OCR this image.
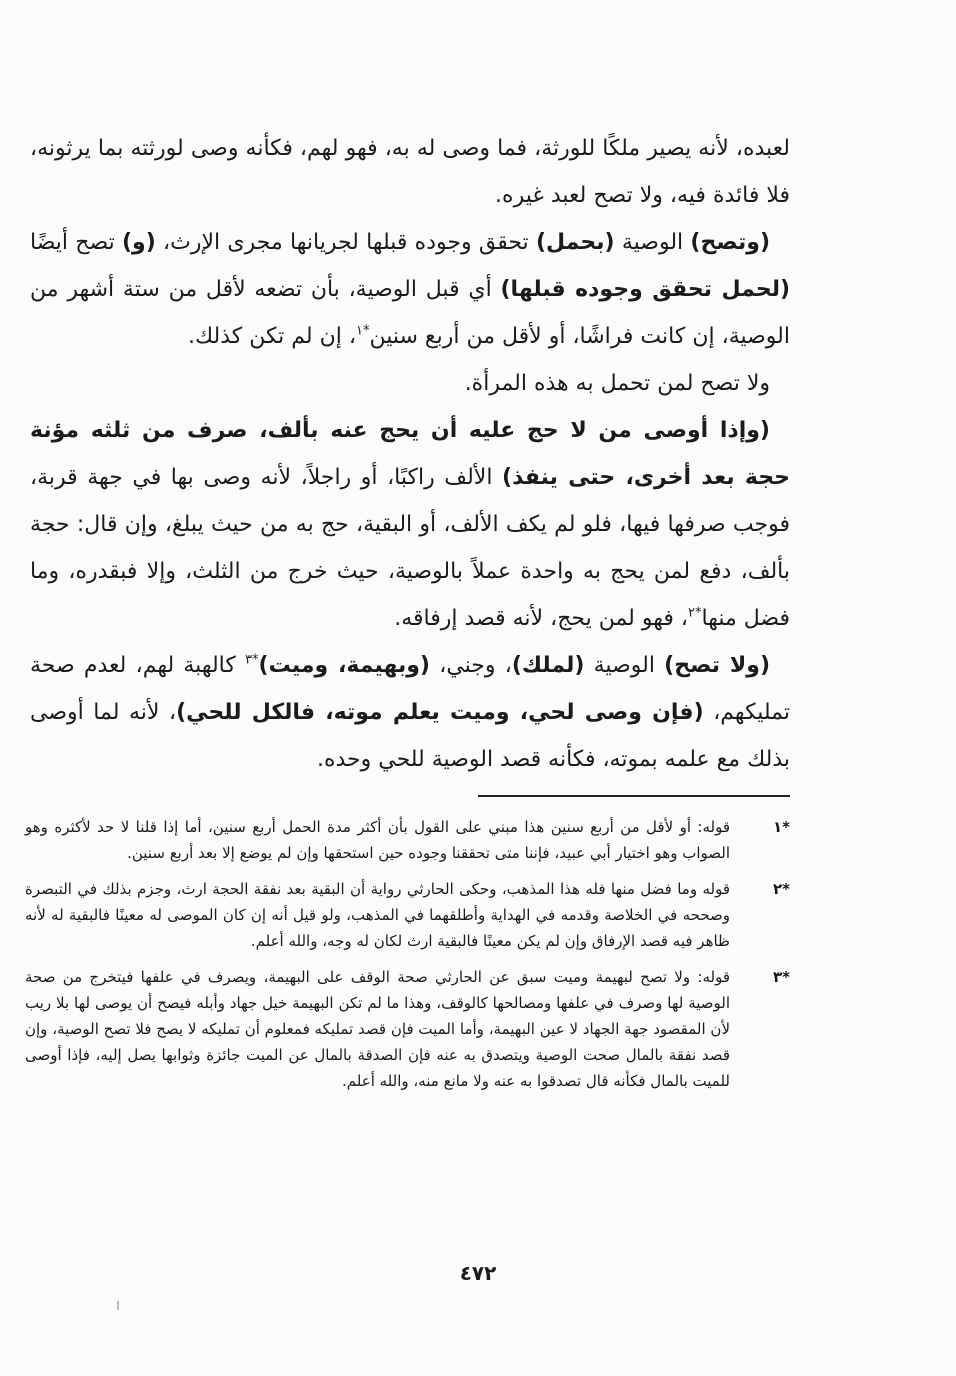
لعبده، لأنه يصير ملكًا للورثة، فما وصى له به، فهو لهم، فكأنه وصى لورثته بما يرثونه، فلا فائدة فيه، ولا تصح لعبد غيره.

(وتصح) الوصية (بحمل) تحقق وجوده قبلها لجريانها مجرى الإرث، (و) تصح أيضًا (لحمل تحقق وجوده قبلها) أي قبل الوصية، بأن تضعه لأقل من ستة أشهر من الوصية، إن كانت فراشًا، أو لأقل من أربع سنين$^{*١}$، إن لم تكن كذلك.

ولا تصح لمن تحمل به هذه المرأة.

(وإذا أوصى من لا حج عليه أن يحج عنه بألف، صرف من ثلثه مؤنة حجة بعد أخرى، حتى ينفذ) الألف راكبًا، أو راجلاً، لأنه وصى بها في جهة قربة، فوجب صرفها فيها، فلو لم يكف الألف، أو البقية، حج به من حيث يبلغ، وإن قال: حجة بألف، دفع لمن يحج به واحدة عملاً بالوصية، حيث خرج من الثلث، وإلا فبقدره، وما فضل منها$^{*٢}$، فهو لمن يحج، لأنه قصد إرفاقه.

(ولا تصح) الوصية (لملك)، وجني، (وبهيمة، وميت)$^{*٣}$ كالهبة لهم، لعدم صحة تمليكهم، (فإن وصى لحي، وميت يعلم موته، فالكل للحي)، لأنه لما أوصى بذلك مع علمه بموته، فكأنه قصد الوصية للحي وحده.

*١
قوله: أو لأقل من أربع سنين هذا مبني على القول بأن أكثر مدة الحمل أربع سنين، أما إذا قلنا لا حد لأكثره وهو الصواب وهو اختيار أبي عبيد، فإننا متى تحققنا وجوده حين استحقها وإن لم يوضع إلا بعد أربع سنين.
*٢
قوله وما فضل منها فله هذا المذهب، وحكى الحارثي رواية أن البقية بعد نفقة الحجة ارث، وجزم بذلك في التبصرة وصححه في الخلاصة وقدمه في الهداية وأطلقهما في المذهب، ولو قيل أنه إن كان الموصى له معينًا فالبقية له لأنه ظاهر فيه قصد الإرفاق وإن لم يكن معينًا فالبقية ارث لكان له وجه، والله أعلم.
*٣
قوله: ولا تصح لبهيمة وميت سبق عن الحارثي صحة الوقف على البهيمة، ويصرف في علفها فيتخرج من صحة الوصية لها وصرف في علفها ومصالحها كالوقف، وهذا ما لم تكن البهيمة خيل جهاد وأبله فيصح أن يوصى لها بلا ريب لأن المقصود جهة الجهاد لا عين البهيمة، وأما الميت فإن قصد تمليكه فمعلوم أن تمليكه لا يصح فلا تصح الوصية، وإن قصد نفقة بالمال صحت الوصية ويتصدق به عنه فإن الصدقة بالمال عن الميت جائزة وثوابها يصل إليه، فإذا أوصى للميت بالمال فكأنه قال تصدقوا به عنه ولا مانع منه، والله أعلم.
٤٧٢
